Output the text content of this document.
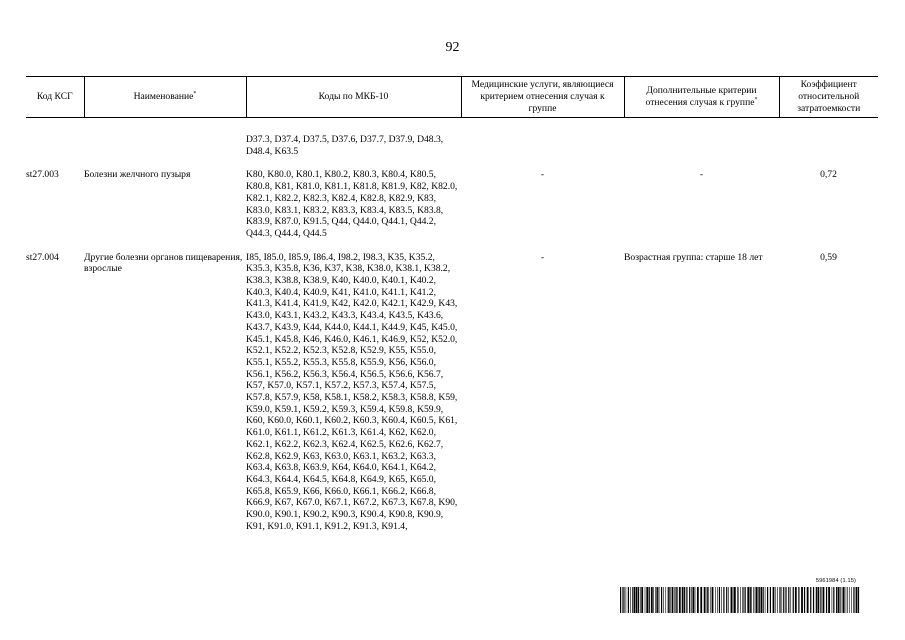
92
Код КСГ	Наименование*	Коды по МКБ-10	Медицинские услуги, являющиеся критерием отнесения случая к группе	Дополнительные критерии отнесения случая к группе*	Коэффициент относительной затратоемкости

		D37.3, D37.4, D37.5, D37.6, D37.7, D37.9, D48.3, D48.4, K63.5			

st27.003	Болезни желчного пузыря	K80, K80.0, K80.1, K80.2, K80.3, K80.4, K80.5, K80.8, K81, K81.0, K81.1, K81.8, K81.9, K82, K82.0, K82.1, K82.2, K82.3, K82.4, K82.8, K82.9, K83, K83.0, K83.1, K83.2, K83.3, K83.4, K83.5, K83.8, K83.9, K87.0, K91.5, Q44, Q44.0, Q44.1, Q44.2, Q44.3, Q44.4, Q44.5	-	-	0,72

st27.004	Другие болезни органов пищеварения, взрослые	I85, I85.0, I85.9, I86.4, I98.2, I98.3, K35, K35.2, K35.3, K35.8, K36, K37, K38, K38.0, K38.1, K38.2, K38.3, K38.8, K38.9, K40, K40.0, K40.1, K40.2, K40.3, K40.4, K40.9, K41, K41.0, K41.1, K41.2, K41.3, K41.4, K41.9, K42, K42.0, K42.1, K42.9, K43, K43.0, K43.1, K43.2, K43.3, K43.4, K43.5, K43.6, K43.7, K43.9, K44, K44.0, K44.1, K44.9, K45, K45.0, K45.1, K45.8, K46, K46.0, K46.1, K46.9, K52, K52.0, K52.1, K52.2, K52.3, K52.8, K52.9, K55, K55.0, K55.1, K55.2, K55.3, K55.8, K55.9, K56, K56.0, K56.1, K56.2, K56.3, K56.4, K56.5, K56.6, K56.7, K57, K57.0, K57.1, K57.2, K57.3, K57.4, K57.5, K57.8, K57.9, K58, K58.1, K58.2, K58.3, K58.8, K59, K59.0, K59.1, K59.2, K59.3, K59.4, K59.8, K59.9, K60, K60.0, K60.1, K60.2, K60.3, K60.4, K60.5, K61, K61.0, K61.1, K61.2, K61.3, K61.4, K62, K62.0, K62.1, K62.2, K62.3, K62.4, K62.5, K62.6, K62.7, K62.8, K62.9, K63, K63.0, K63.1, K63.2, K63.3, K63.4, K63.8, K63.9, K64, K64.0, K64.1, K64.2, K64.3, K64.4, K64.5, K64.8, K64.9, K65, K65.0, K65.8, K65.9, K66, K66.0, K66.1, K66.2, K66.8, K66.9, K67, K67.0, K67.1, K67.2, K67.3, K67.8, K90, K90.0, K90.1, K90.2, K90.3, K90.4, K90.8, K90.9, K91, K91.0, K91.1, K91.2, K91.3, K91.4,	-	Возрастная группа: старше 18 лет	0,59
5961984 (1.15)
